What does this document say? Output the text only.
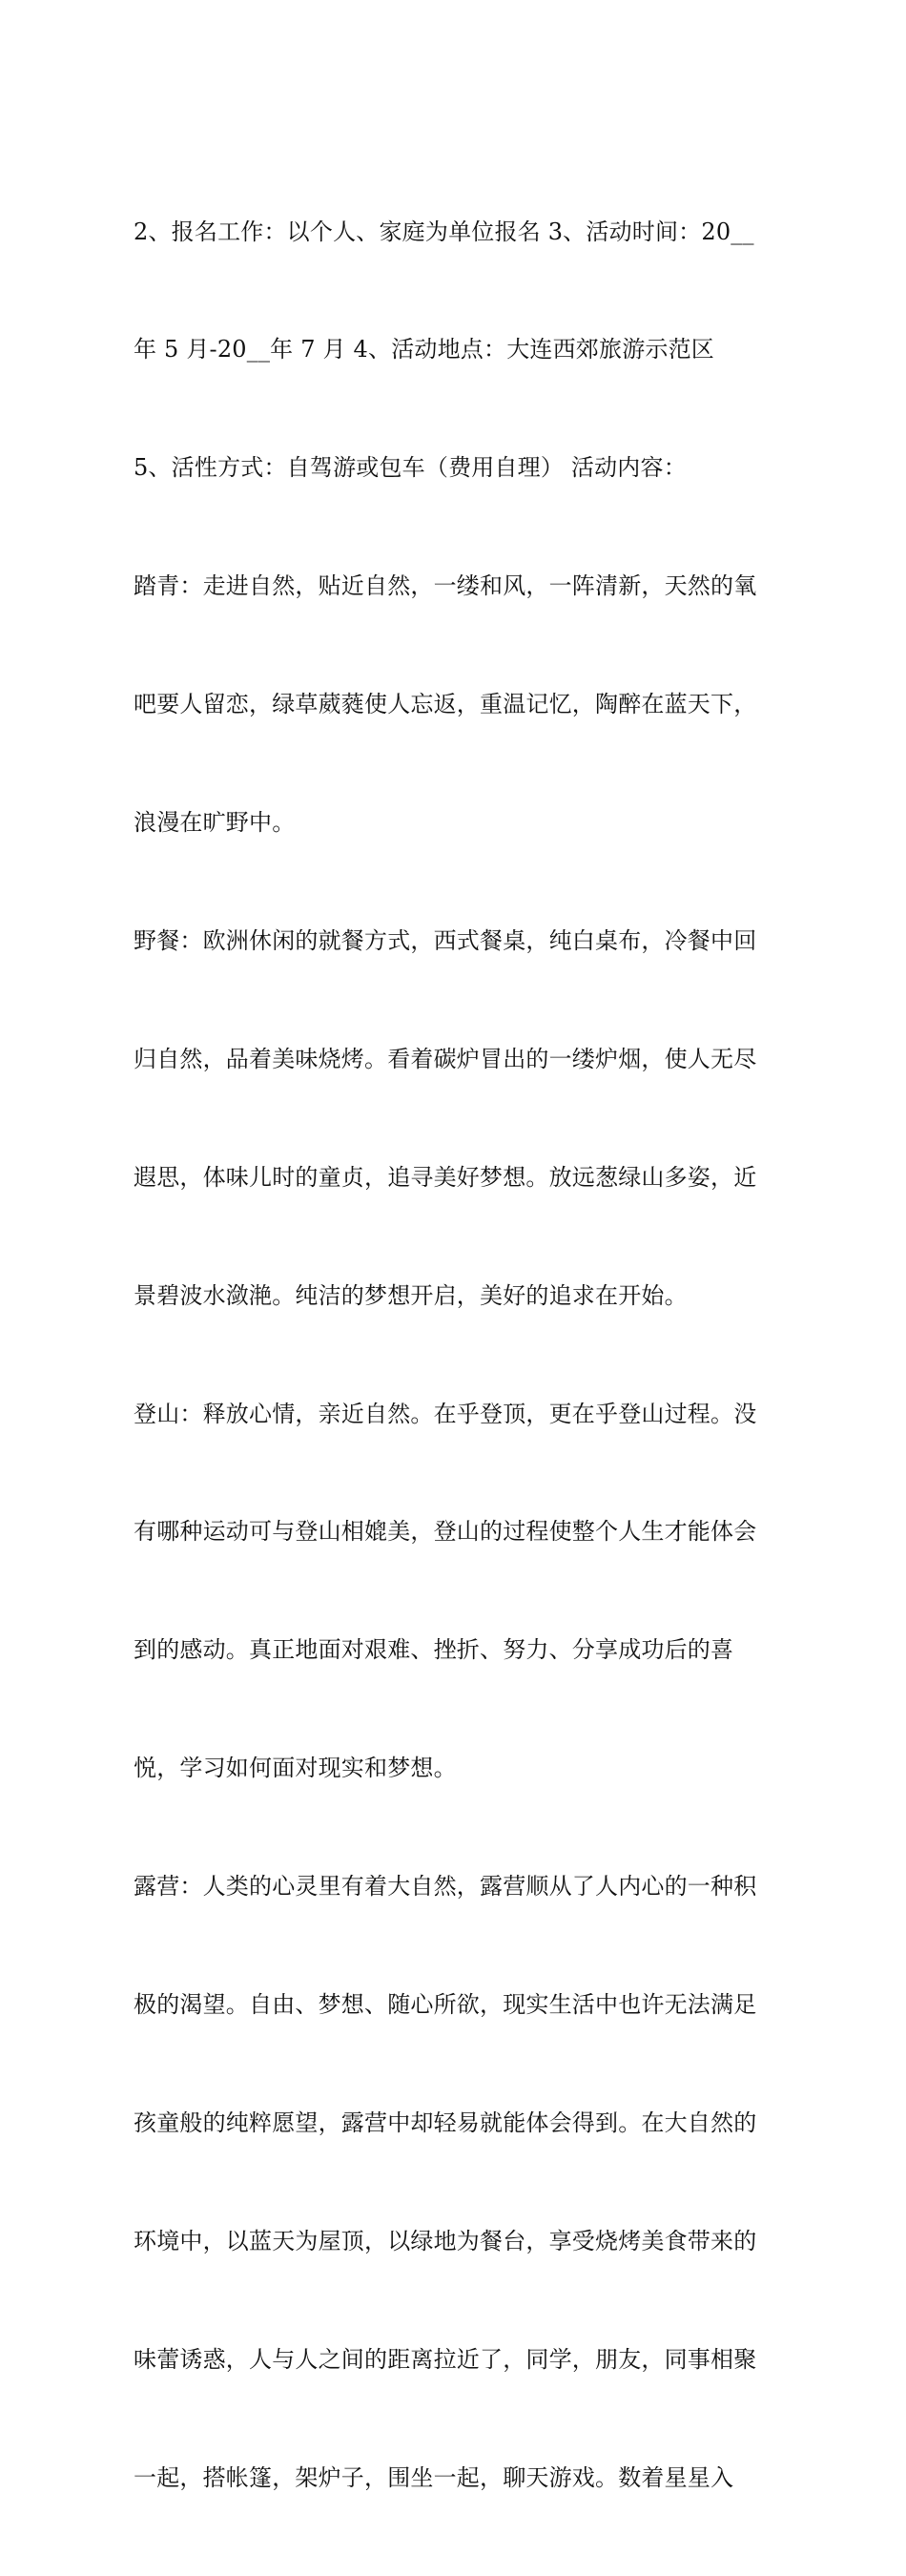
2、报名工作：以个人、家庭为单位报名 3、活动时间：20__

年 5 月-20__年 7 月 4、活动地点：大连西郊旅游示范区

5、活性方式：自驾游或包车（费用自理） 活动内容：

踏青：走进自然，贴近自然，一缕和风，一阵清新，天然的氧

吧要人留恋，绿草葳蕤使人忘返，重温记忆，陶醉在蓝天下，

浪漫在旷野中。

野餐：欧洲休闲的就餐方式，西式餐桌，纯白桌布，冷餐中回

归自然，品着美味烧烤。看着碳炉冒出的一缕炉烟，使人无尽

遐思，体味儿时的童贞，追寻美好梦想。放远葱绿山多姿，近

景碧波水潋滟。纯洁的梦想开启，美好的追求在开始。

登山：释放心情，亲近自然。在乎登顶，更在乎登山过程。没

有哪种运动可与登山相媲美，登山的过程使整个人生才能体会

到的感动。真正地面对艰难、挫折、努力、分享成功后的喜

悦，学习如何面对现实和梦想。

露营：人类的心灵里有着大自然，露营顺从了人内心的一种积

极的渴望。自由、梦想、随心所欲，现实生活中也许无法满足

孩童般的纯粹愿望，露营中却轻易就能体会得到。在大自然的

环境中，以蓝天为屋顶，以绿地为餐台，享受烧烤美食带来的

味蕾诱惑，人与人之间的距离拉近了，同学，朋友，同事相聚

一起，搭帐篷，架炉子，围坐一起，聊天游戏。数着星星入
